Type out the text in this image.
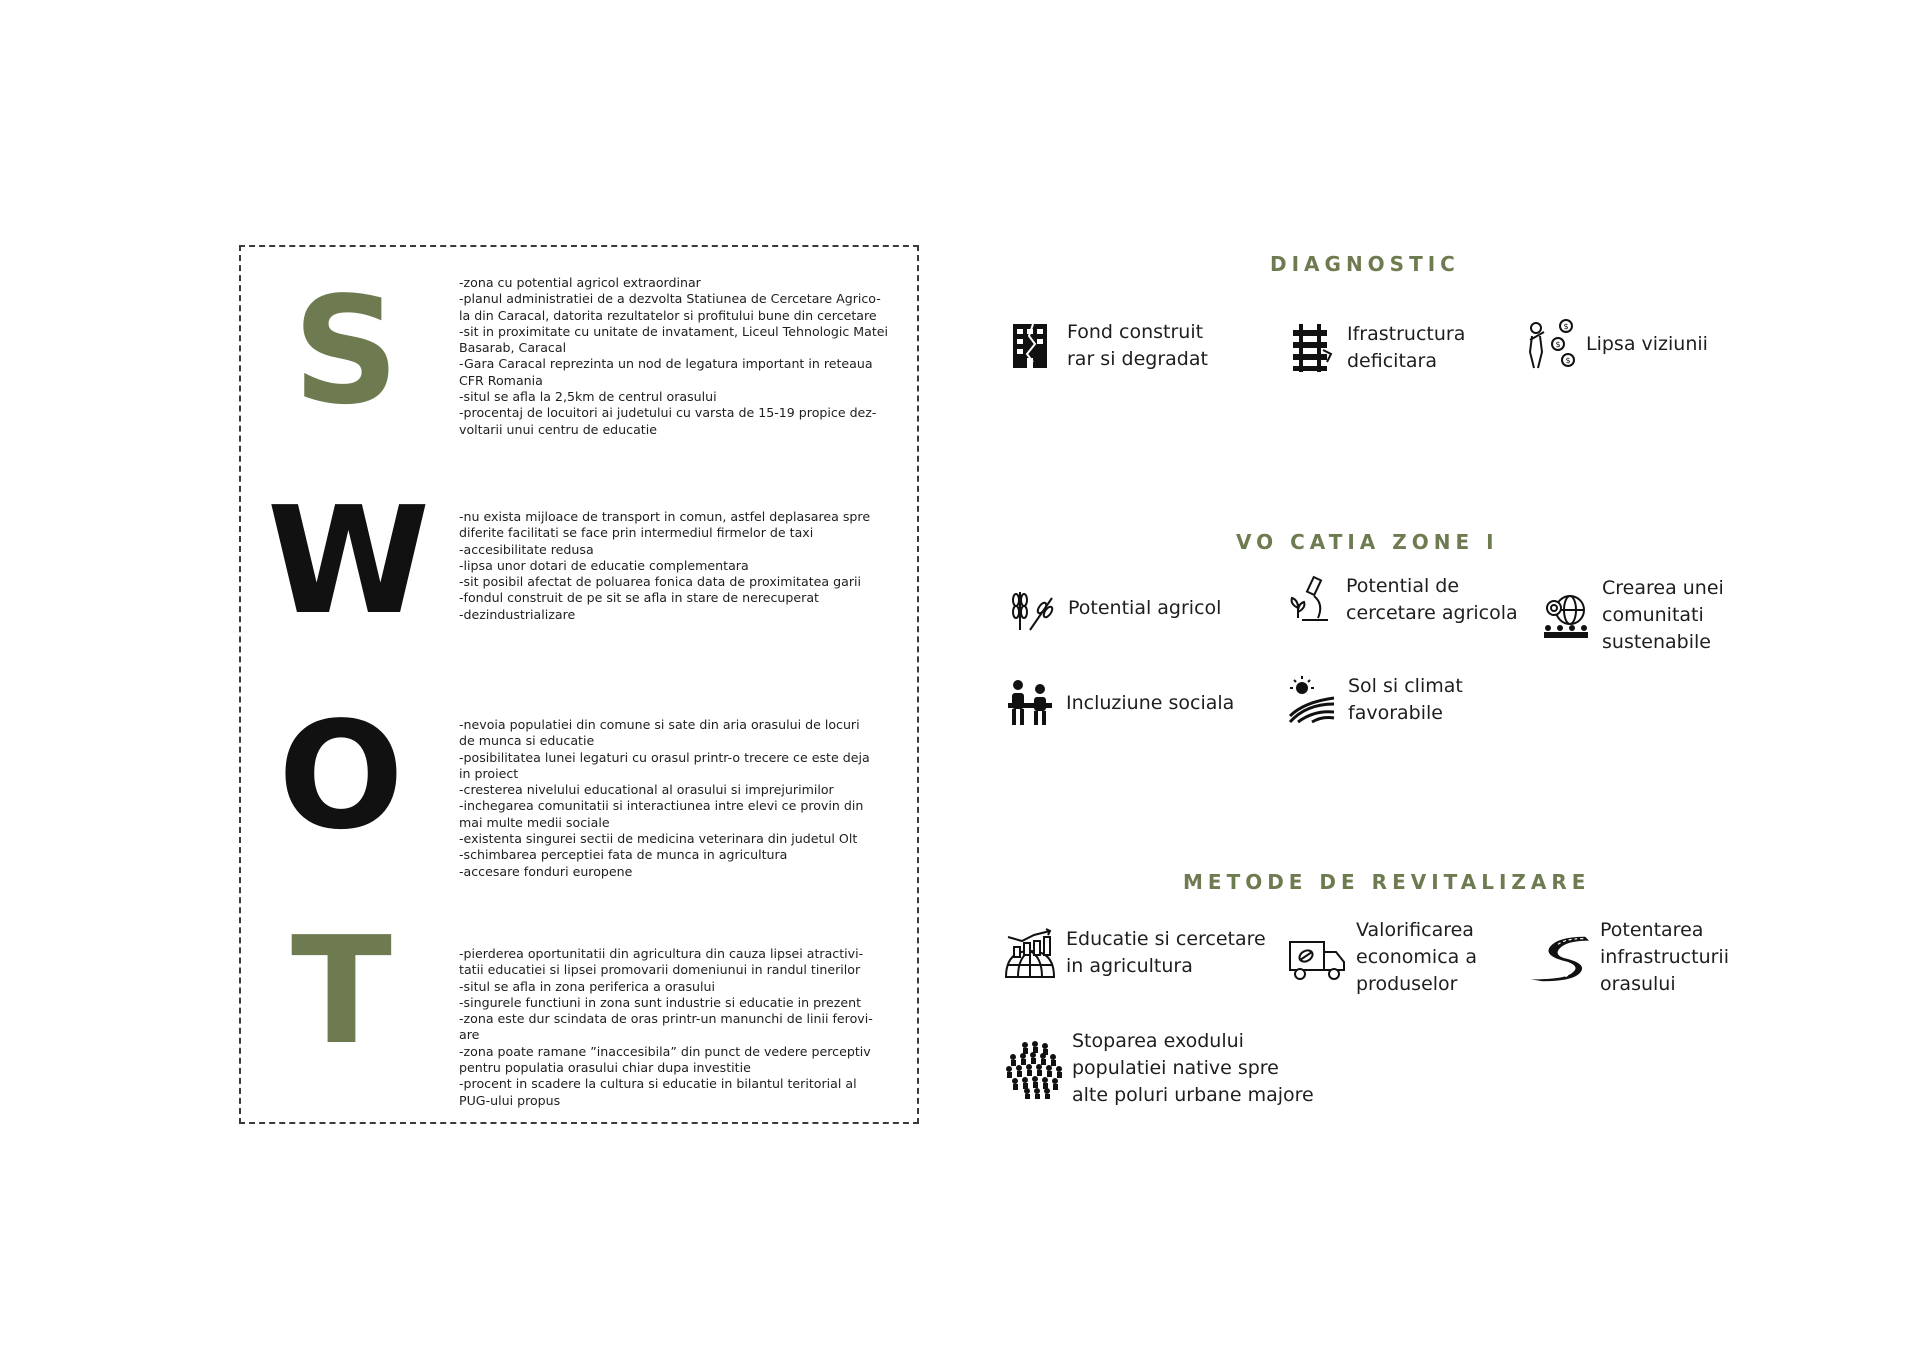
S
W
O
T

-zona cu potential agricol extraordinar

-planul administratiei de a dezvolta Statiunea de Cercetare Agrico-

la din Caracal, datorita rezultatelor si profitului bune din cercetare

-sit in proximitate cu unitate de invatament, Liceul Tehnologic Matei

Basarab, Caracal

-Gara Caracal reprezinta un nod de legatura important in reteaua

CFR Romania

-situl se afla la 2,5km de centrul orasului

-procentaj de locuitori ai judetului cu varsta de 15-19 propice dez-

voltarii unui centru de educatie

-nu exista mijloace de transport in comun, astfel deplasarea spre

diferite facilitati se face prin intermediul firmelor de taxi

-accesibilitate redusa

-lipsa unor dotari de educatie complementara

-sit posibil afectat de poluarea fonica data de proximitatea garii

-fondul construit de pe sit se afla in stare de nerecuperat

-dezindustrializare

-nevoia populatiei din comune si sate din aria orasului de locuri

de munca si educatie

-posibilitatea lunei legaturi cu orasul printr-o trecere ce este deja

in proiect

-cresterea nivelului educational al orasului si imprejurimilor

-inchegarea comunitatii si interactiunea intre elevi ce provin din

mai multe medii sociale

-existenta singurei sectii de medicina veterinara din judetul Olt

-schimbarea perceptiei fata de munca in agricultura

-accesare fonduri europene

-pierderea oportunitatii din agricultura din cauza lipsei atractivi-

tatii educatiei si lipsei promovarii domeniunui in randul tinerilor

-situl se afla in zona periferica a orasului

-singurele functiuni in zona sunt industrie si educatie in prezent

-zona este dur scindata de oras printr-un manunchi de linii ferovi-

are

-zona poate ramane ”inaccesibila” din punct de vedere perceptiv

pentru populatia orasului chiar dupa investitie

-procent in scadere la cultura si educatie in bilantul teritorial al

PUG-ului propus

DIAGNOSTIC
Fond construit
rar si degradat
Ifrastructura
deficitara
$
$
$
Lipsa viziunii
VO CATIA ZONE I
Potential agricol
Potential de
cercetare agricola
Crearea unei
comunitati
sustenabile
Incluziune sociala
Sol si climat
favorabile
METODE DE REVITALIZARE
Educatie si cercetare
in agricultura
Valorificarea
economica a
produselor
Potentarea
infrastructurii
orasului
Stoparea exodului
populatiei native spre
alte poluri urbane majore
